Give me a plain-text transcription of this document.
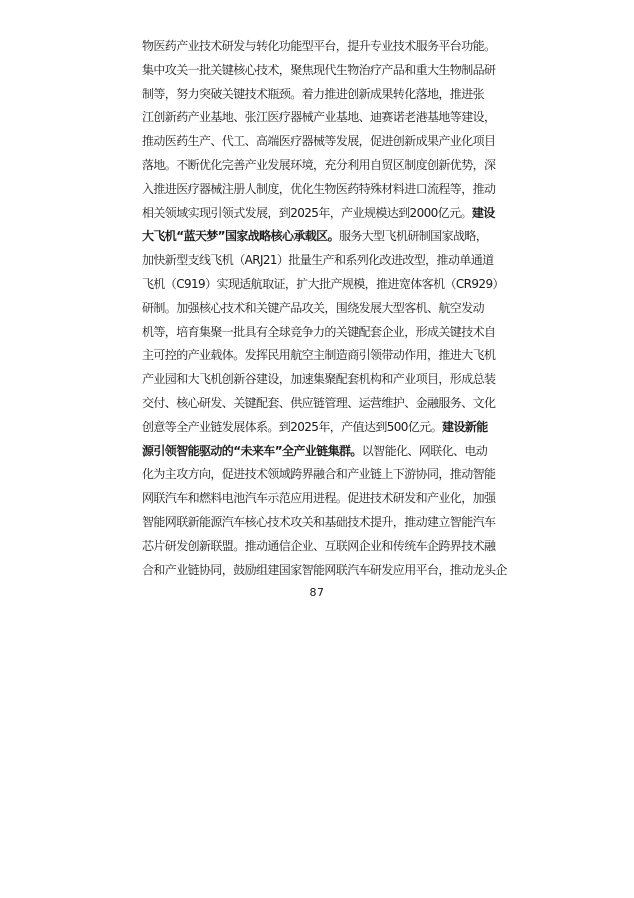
物医药产业技术研发与转化功能型平台，提升专业技术服务平台功能。
集中攻关一批关键核心技术，聚焦现代生物治疗产品和重大生物制品研
制等，努力突破关键技术瓶颈。着力推进创新成果转化落地，推进张
江创新药产业基地、张江医疗器械产业基地、迪赛诺老港基地等建设，
推动医药生产、代工、高端医疗器械等发展，促进创新成果产业化项目
落地。不断优化完善产业发展环境，充分利用自贸区制度创新优势，深
入推进医疗器械注册人制度，优化生物医药特殊材料进口流程等，推动
相关领域实现引领式发展，到2025年，产业规模达到2000亿元。建设
大飞机“蓝天梦”国家战略核心承载区。服务大型飞机研制国家战略，
加快新型支线飞机（ARJ21）批量生产和系列化改进改型，推动单通道
飞机（C919）实现适航取证，扩大批产规模，推进宽体客机（CR929）
研制。加强核心技术和关键产品攻关，围绕发展大型客机、航空发动
机等，培育集聚一批具有全球竞争力的关键配套企业，形成关键技术自
主可控的产业载体。发挥民用航空主制造商引领带动作用，推进大飞机
产业园和大飞机创新谷建设，加速集聚配套机构和产业项目，形成总装
交付、核心研发、关键配套、供应链管理、运营维护、金融服务、文化
创意等全产业链发展体系。到2025年，产值达到500亿元。建设新能
源引领智能驱动的“未来车”全产业链集群。以智能化、网联化、电动
化为主攻方向，促进技术领域跨界融合和产业链上下游协同，推动智能
网联汽车和燃料电池汽车示范应用进程。促进技术研发和产业化，加强
智能网联新能源汽车核心技术攻关和基础技术提升，推动建立智能汽车
芯片研发创新联盟。推动通信企业、互联网企业和传统车企跨界技术融
合和产业链协同，鼓励组建国家智能网联汽车研发应用平台，推动龙头企
87
